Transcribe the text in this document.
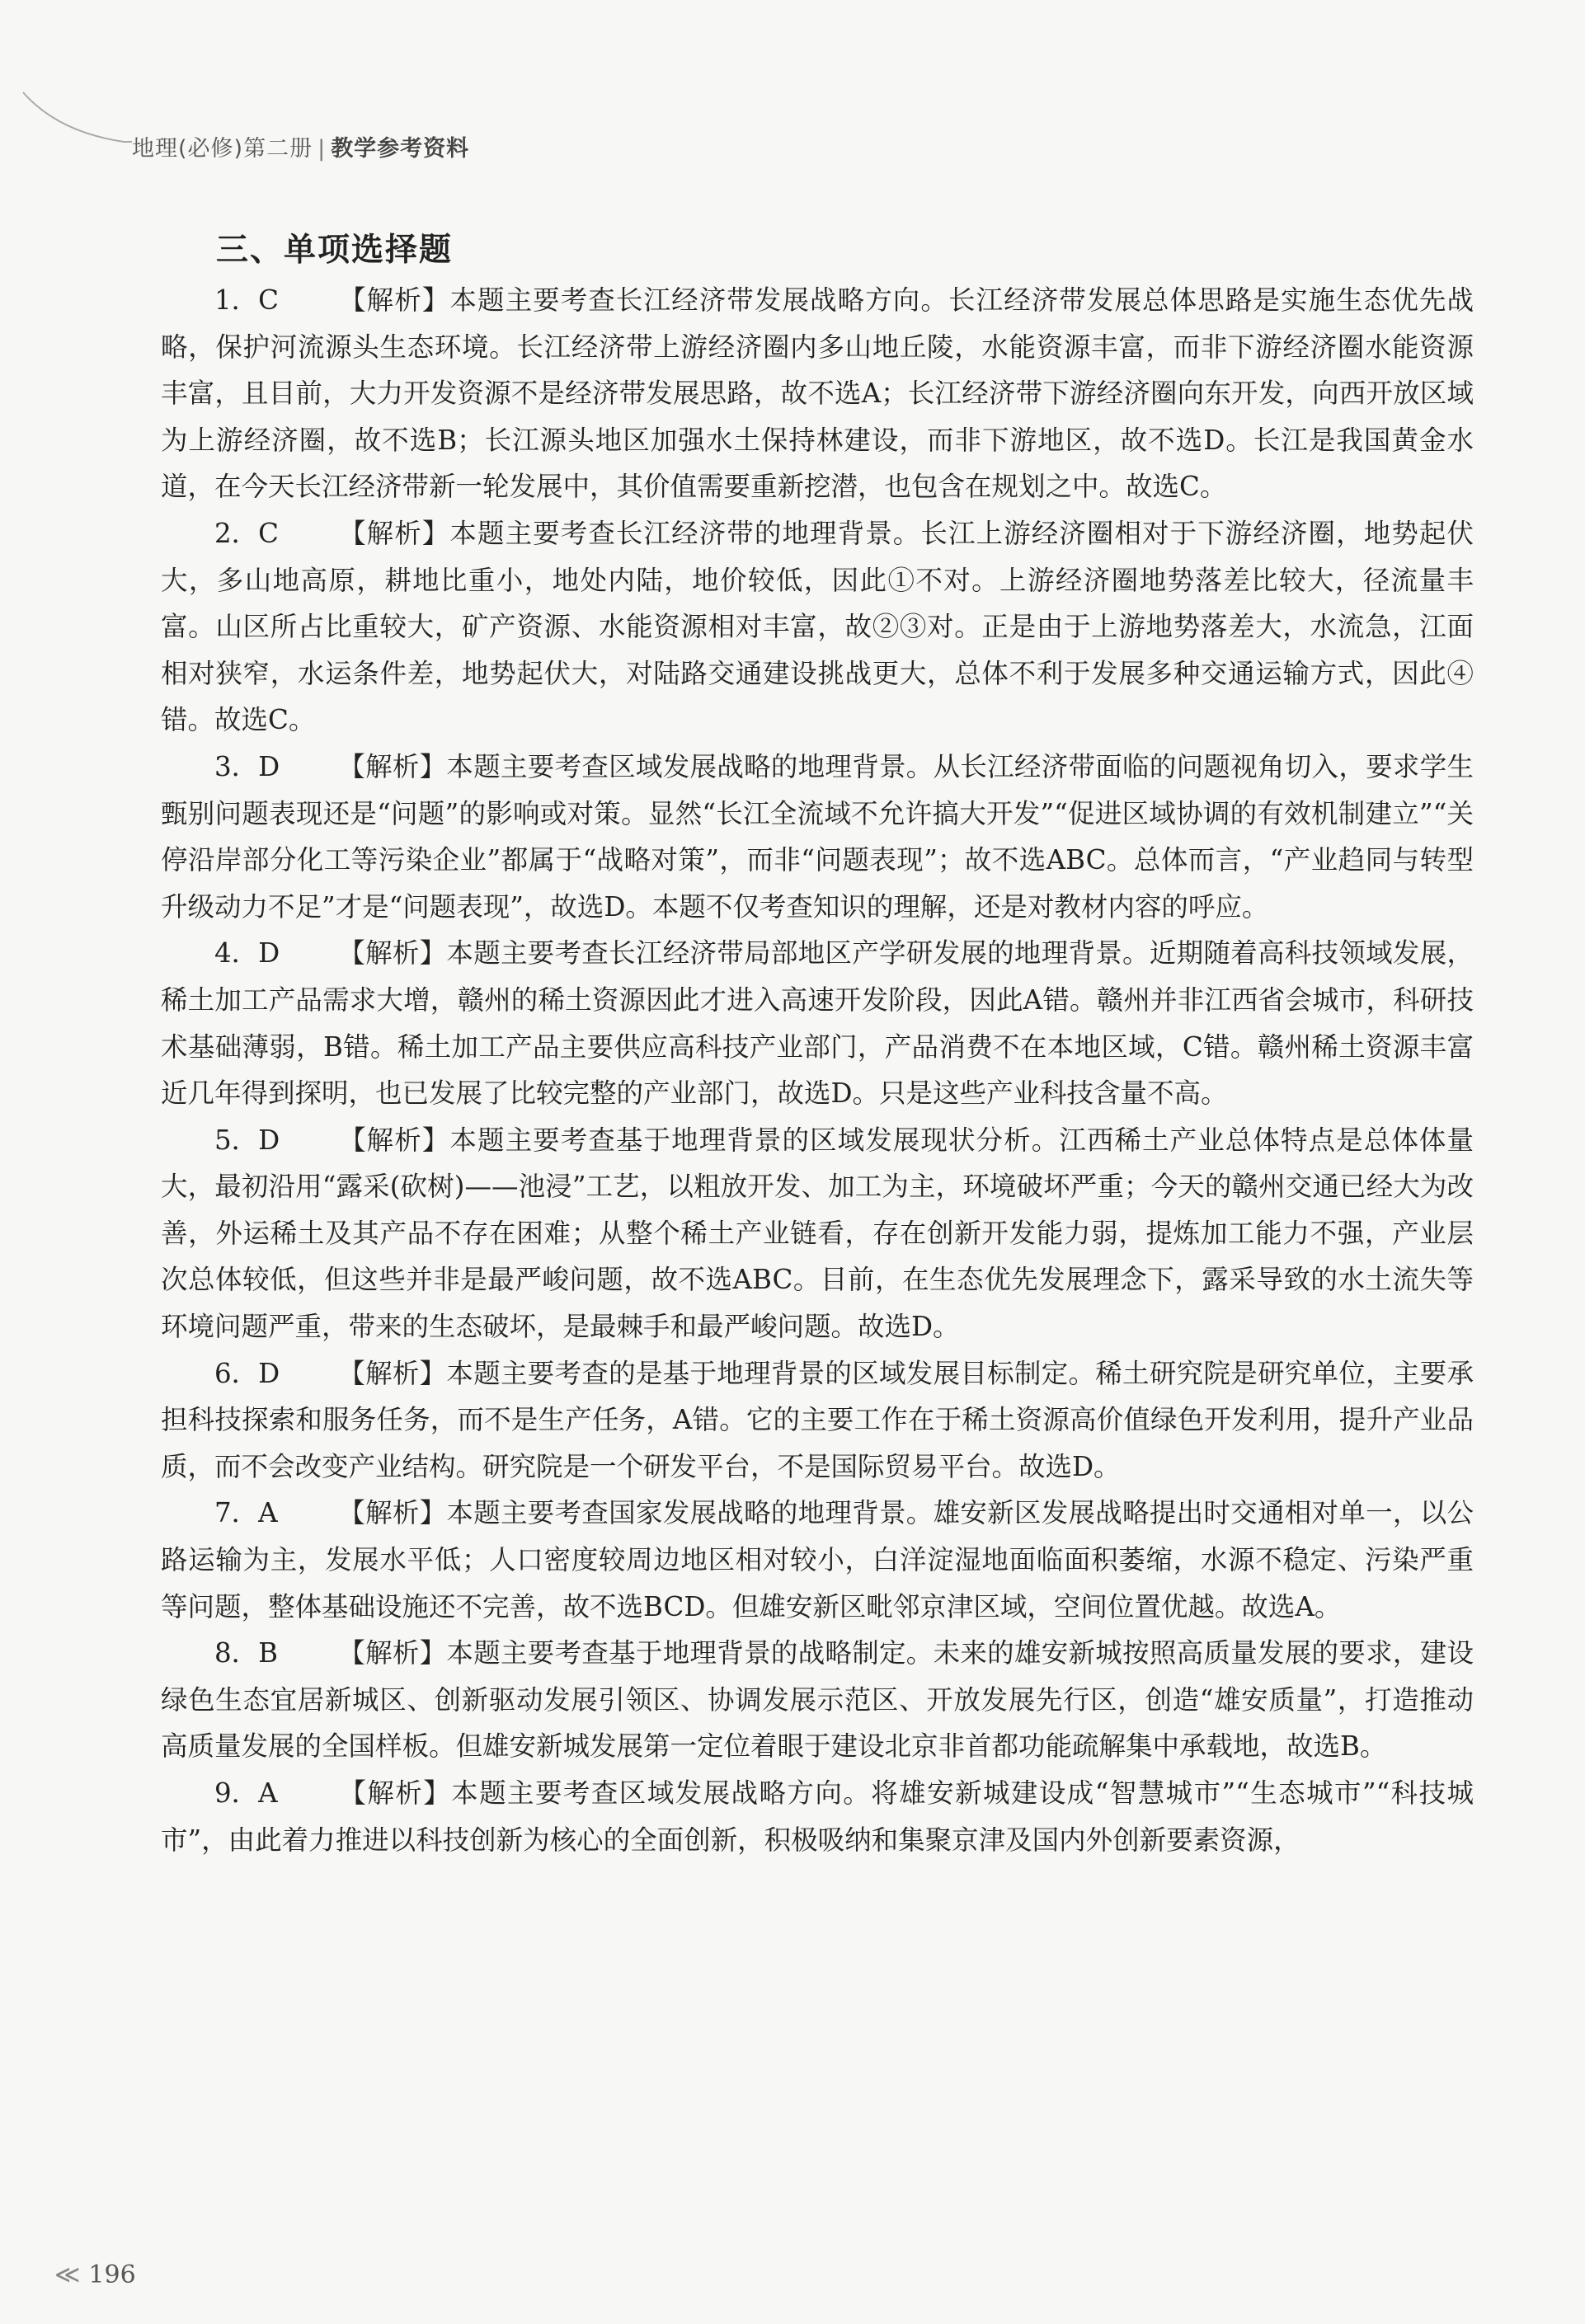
地理(必修)第二册 | 教学参考资料
三、单项选择题

1．C 【解析】本题主要考查长江经济带发展战略方向。长江经济带发展总体思路是实施生态优先战略，保护河流源头生态环境。长江经济带上游经济圈内多山地丘陵，水能资源丰富，而非下游经济圈水能资源丰富，且目前，大力开发资源不是经济带发展思路，故不选A；长江经济带下游经济圈向东开发，向西开放区域为上游经济圈，故不选B；长江源头地区加强水土保持林建设，而非下游地区，故不选D。长江是我国黄金水道，在今天长江经济带新一轮发展中，其价值需要重新挖潜，也包含在规划之中。故选C。

2．C 【解析】本题主要考查长江经济带的地理背景。长江上游经济圈相对于下游经济圈，地势起伏大，多山地高原，耕地比重小，地处内陆，地价较低，因此①不对。上游经济圈地势落差比较大，径流量丰富。山区所占比重较大，矿产资源、水能资源相对丰富，故②③对。正是由于上游地势落差大，水流急，江面相对狭窄，水运条件差，地势起伏大，对陆路交通建设挑战更大，总体不利于发展多种交通运输方式，因此④错。故选C。

3．D 【解析】本题主要考查区域发展战略的地理背景。从长江经济带面临的问题视角切入，要求学生甄别问题表现还是“问题”的影响或对策。显然“长江全流域不允许搞大开发”“促进区域协调的有效机制建立”“关停沿岸部分化工等污染企业”都属于“战略对策”，而非“问题表现”；故不选ABC。总体而言，“产业趋同与转型升级动力不足”才是“问题表现”，故选D。本题不仅考查知识的理解，还是对教材内容的呼应。

4．D 【解析】本题主要考查长江经济带局部地区产学研发展的地理背景。近期随着高科技领域发展，稀土加工产品需求大增，赣州的稀土资源因此才进入高速开发阶段，因此A错。赣州并非江西省会城市，科研技术基础薄弱，B错。稀土加工产品主要供应高科技产业部门，产品消费不在本地区域，C错。赣州稀土资源丰富近几年得到探明，也已发展了比较完整的产业部门，故选D。只是这些产业科技含量不高。

5．D 【解析】本题主要考查基于地理背景的区域发展现状分析。江西稀土产业总体特点是总体体量大，最初沿用“露采(砍树)——池浸”工艺，以粗放开发、加工为主，环境破坏严重；今天的赣州交通已经大为改善，外运稀土及其产品不存在困难；从整个稀土产业链看，存在创新开发能力弱，提炼加工能力不强，产业层次总体较低，但这些并非是最严峻问题，故不选ABC。目前，在生态优先发展理念下，露采导致的水土流失等环境问题严重，带来的生态破坏，是最棘手和最严峻问题。故选D。

6．D 【解析】本题主要考查的是基于地理背景的区域发展目标制定。稀土研究院是研究单位，主要承担科技探索和服务任务，而不是生产任务，A错。它的主要工作在于稀土资源高价值绿色开发利用，提升产业品质，而不会改变产业结构。研究院是一个研发平台，不是国际贸易平台。故选D。

7．A 【解析】本题主要考查国家发展战略的地理背景。雄安新区发展战略提出时交通相对单一，以公路运输为主，发展水平低；人口密度较周边地区相对较小，白洋淀湿地面临面积萎缩，水源不稳定、污染严重等问题，整体基础设施还不完善，故不选BCD。但雄安新区毗邻京津区域，空间位置优越。故选A。

8．B 【解析】本题主要考查基于地理背景的战略制定。未来的雄安新城按照高质量发展的要求，建设绿色生态宜居新城区、创新驱动发展引领区、协调发展示范区、开放发展先行区，创造“雄安质量”，打造推动高质量发展的全国样板。但雄安新城发展第一定位着眼于建设北京非首都功能疏解集中承载地，故选B。

9．A 【解析】本题主要考查区域发展战略方向。将雄安新城建设成“智慧城市”“生态城市”“科技城市”，由此着力推进以科技创新为核心的全面创新，积极吸纳和集聚京津及国内外创新要素资源，

≪ 196
